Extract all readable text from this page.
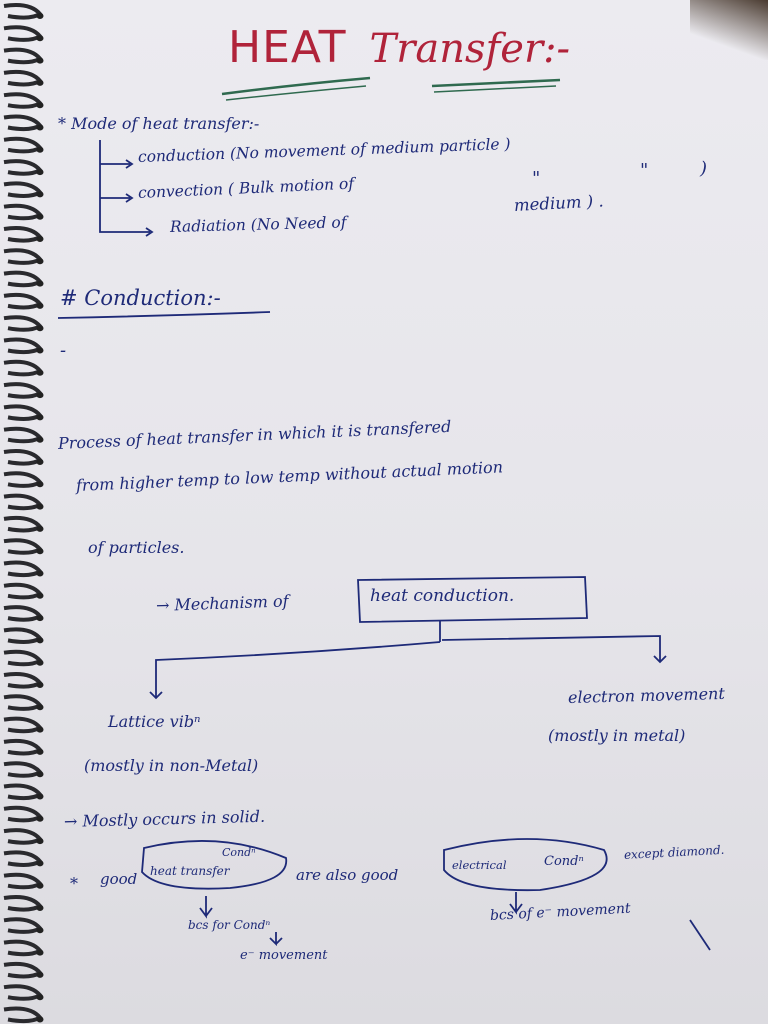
HEAT Transfer:-
* Mode of heat transfer:-
conduction (No movement of medium particle )
convection ( Bulk motion of	"	"	)
Radiation (No Need of
medium ) .
# Conduction:-
-
Process of heat transfer in which it is transfered
from higher temp to low temp without actual motion
of particles.
→ Mechanism of	heat conduction.
Lattice vibⁿ
(mostly in non-Metal)
electron movement
(mostly in metal)
→ Mostly occurs in solid.
* good heat transfer
Condⁿ
are also good
electrical	Condⁿ	except diamond.
bcs for Condⁿ
bcs of e⁻ movement
e⁻ movement
